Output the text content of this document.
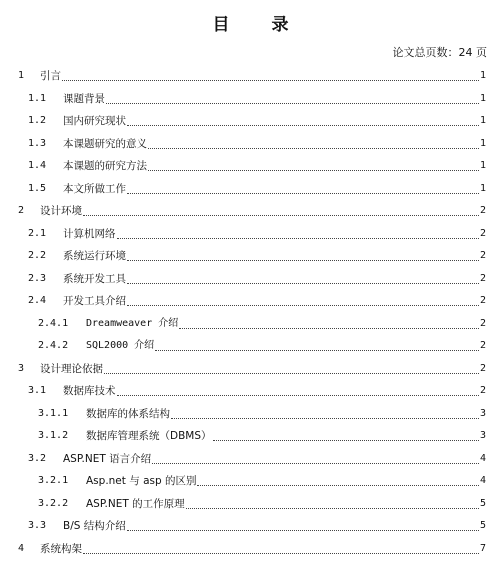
目 录
论文总页数：24 页
1 引言	1
1.1 课题背景	1
1.2 国内研究现状	1
1.3 本课题研究的意义	1
1.4 本课题的研究方法	1
1.5 本文所做工作	1
2 设计环境	2
2.1 计算机网络	2
2.2 系统运行环境	2
2.3 系统开发工具	2
2.4 开发工具介绍	2
2.4.1 Dreamweaver 介绍	2
2.4.2 SQL2000 介绍	2
3 设计理论依据	2
3.1 数据库技术	2
3.1.1 数据库的体系结构	3
3.1.2 数据库管理系统（DBMS）	3
3.2 ASP.NET 语言介绍	4
3.2.1 Asp.net 与 asp 的区别	4
3.2.2 ASP.NET 的工作原理	5
3.3 B/S 结构介绍	5
4 系统构架	7
